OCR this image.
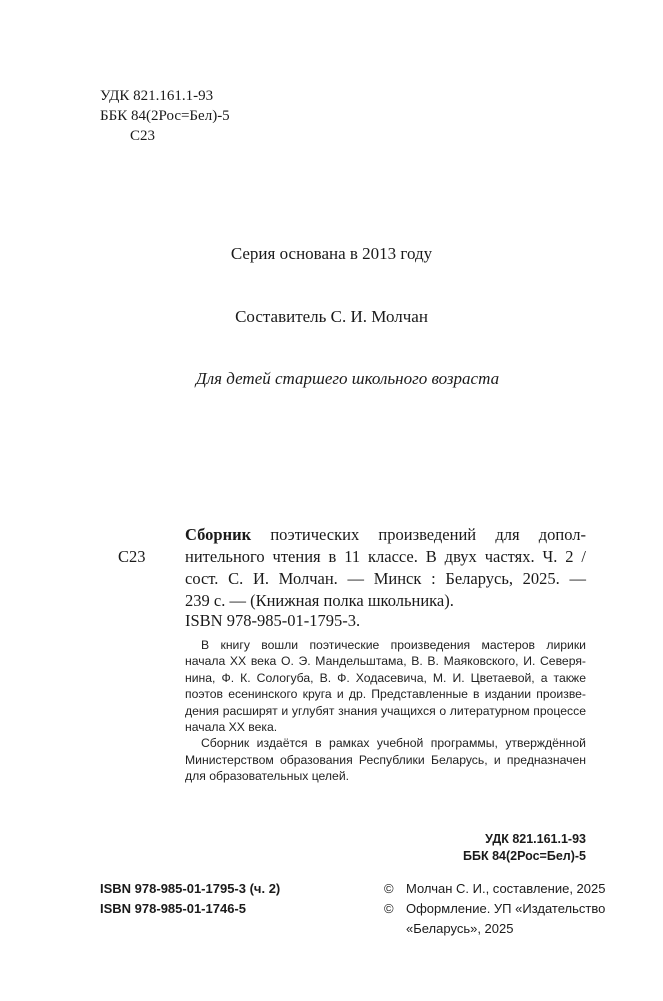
УДК 821.161.1-93
ББК 84(2Рос=Бел)-5
С23
Серия основана в 2013 году
Составитель С. И. Молчан
Для детей старшего школьного возраста
С23
Сборник поэтических произведений для допол-
нительного чтения в 11 классе. В двух частях. Ч. 2 /
сост. С. И. Молчан. — Минск : Беларусь, 2025. —
239 с. — (Книжная полка школьника).
ISBN 978-985-01-1795-3.
В книгу вошли поэтические произведения мастеров лирики
начала XX века О. Э. Мандельштама, В. В. Маяковского, И. Северя-
нина, Ф. К. Сологуба, В. Ф. Ходасевича, М. И. Цветаевой, а также
поэтов есенинского круга и др. Представленные в издании произве-
дения расширят и углубят знания учащихся о литературном процессе
начала XX века.
Сборник издаётся в рамках учебной программы, утверждённой
Министерством образования Республики Беларусь, и предназначен
для образовательных целей.
УДК 821.161.1-93
ББК 84(2Рос=Бел)-5
ISBN 978-985-01-1795-3 (ч. 2)
ISBN 978-985-01-1746-5
© Молчан С. И., составление, 2025
© Оформление. УП «Издательство
«Беларусь», 2025
